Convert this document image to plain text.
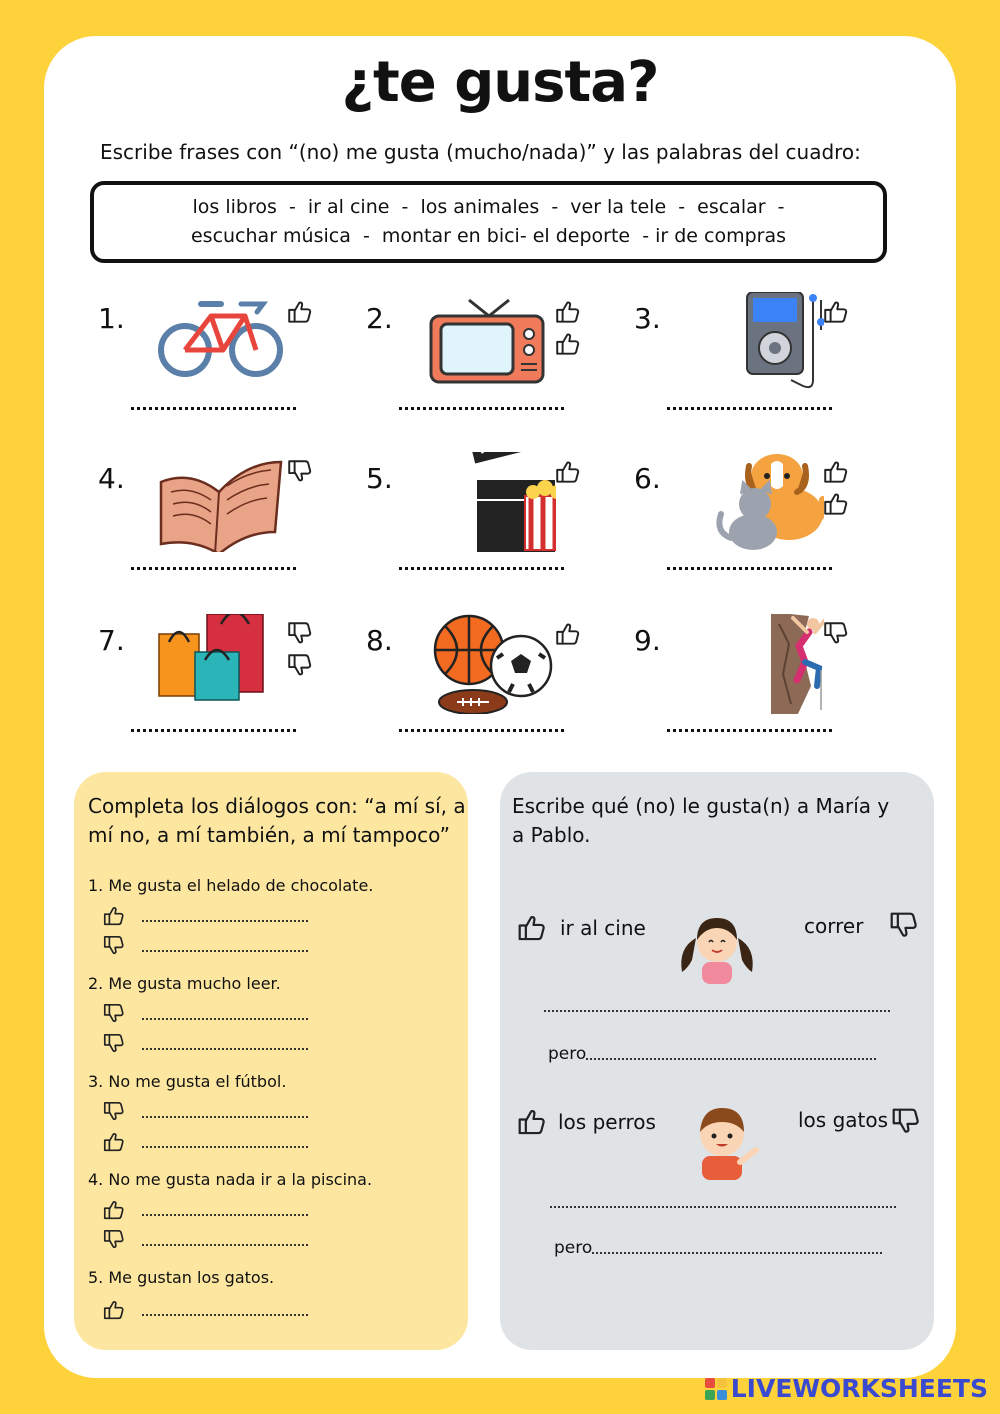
¿te gusta?
Escribe frases con “(no) me gusta (mucho/nada)” y las palabras del cuadro:
los libros  -  ir al cine  -  los animales  -  ver la tele  -  escalar  -
escuchar música  -  montar en bici- el deporte  - ir de compras
1.	2.	3.
4.	5.	6.
7.	8.	9.
Completa los diálogos con: “a mí sí, a
mí no, a mí también, a mí tampoco”
1. Me gusta el helado de chocolate.
2. Me gusta mucho leer.
3. No me gusta el fútbol.
4. No me gusta nada ir a la piscina.
5. Me gustan los gatos.
Escribe qué (no) le gusta(n) a María y
a Pablo.
ir al cine	correr
pero
los perros	los gatos
pero
LIVEWORKSHEETS
